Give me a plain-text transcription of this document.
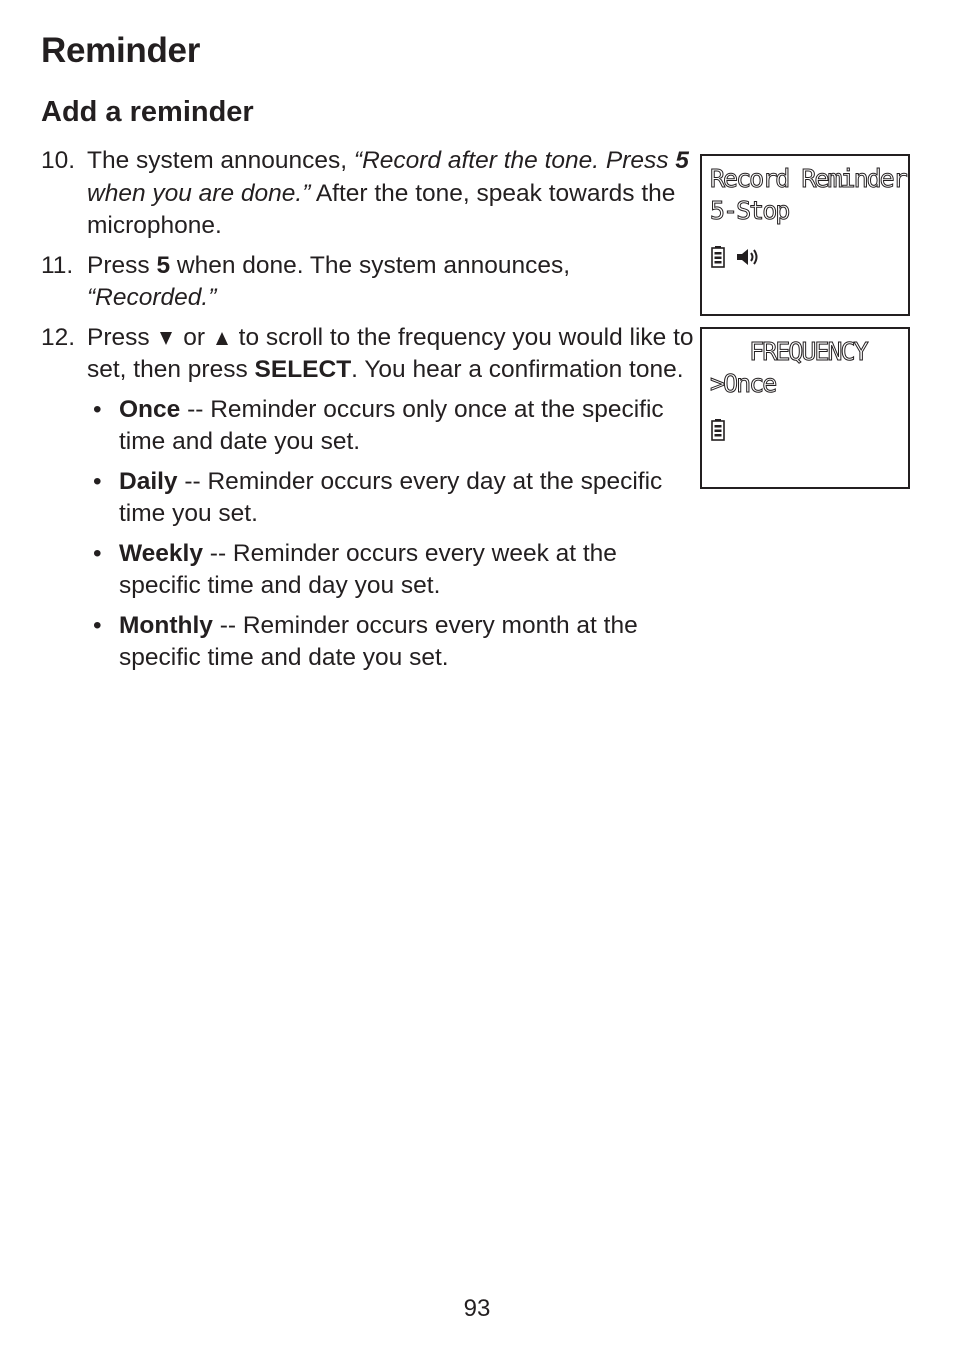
Reminder
Add a reminder
10. The system announces, “Record after the tone. Press 5 when you are done.” After the tone, speak towards the microphone.
11. Press 5 when done. The system announces, “Recorded.”
12. Press  or  to scroll to the frequency you would like to set, then press SELECT. You hear a confirmation tone.
• Once -- Reminder occurs only once at the specific time and date you set.
• Daily -- Reminder occurs every day at the specific time you set.
• Weekly -- Reminder occurs every week at the specific time and day you set.
• Monthly -- Reminder occurs every month at the specific time and date you set.
Record Reminder
5-Stop
FREQUENCY
>Once
93
